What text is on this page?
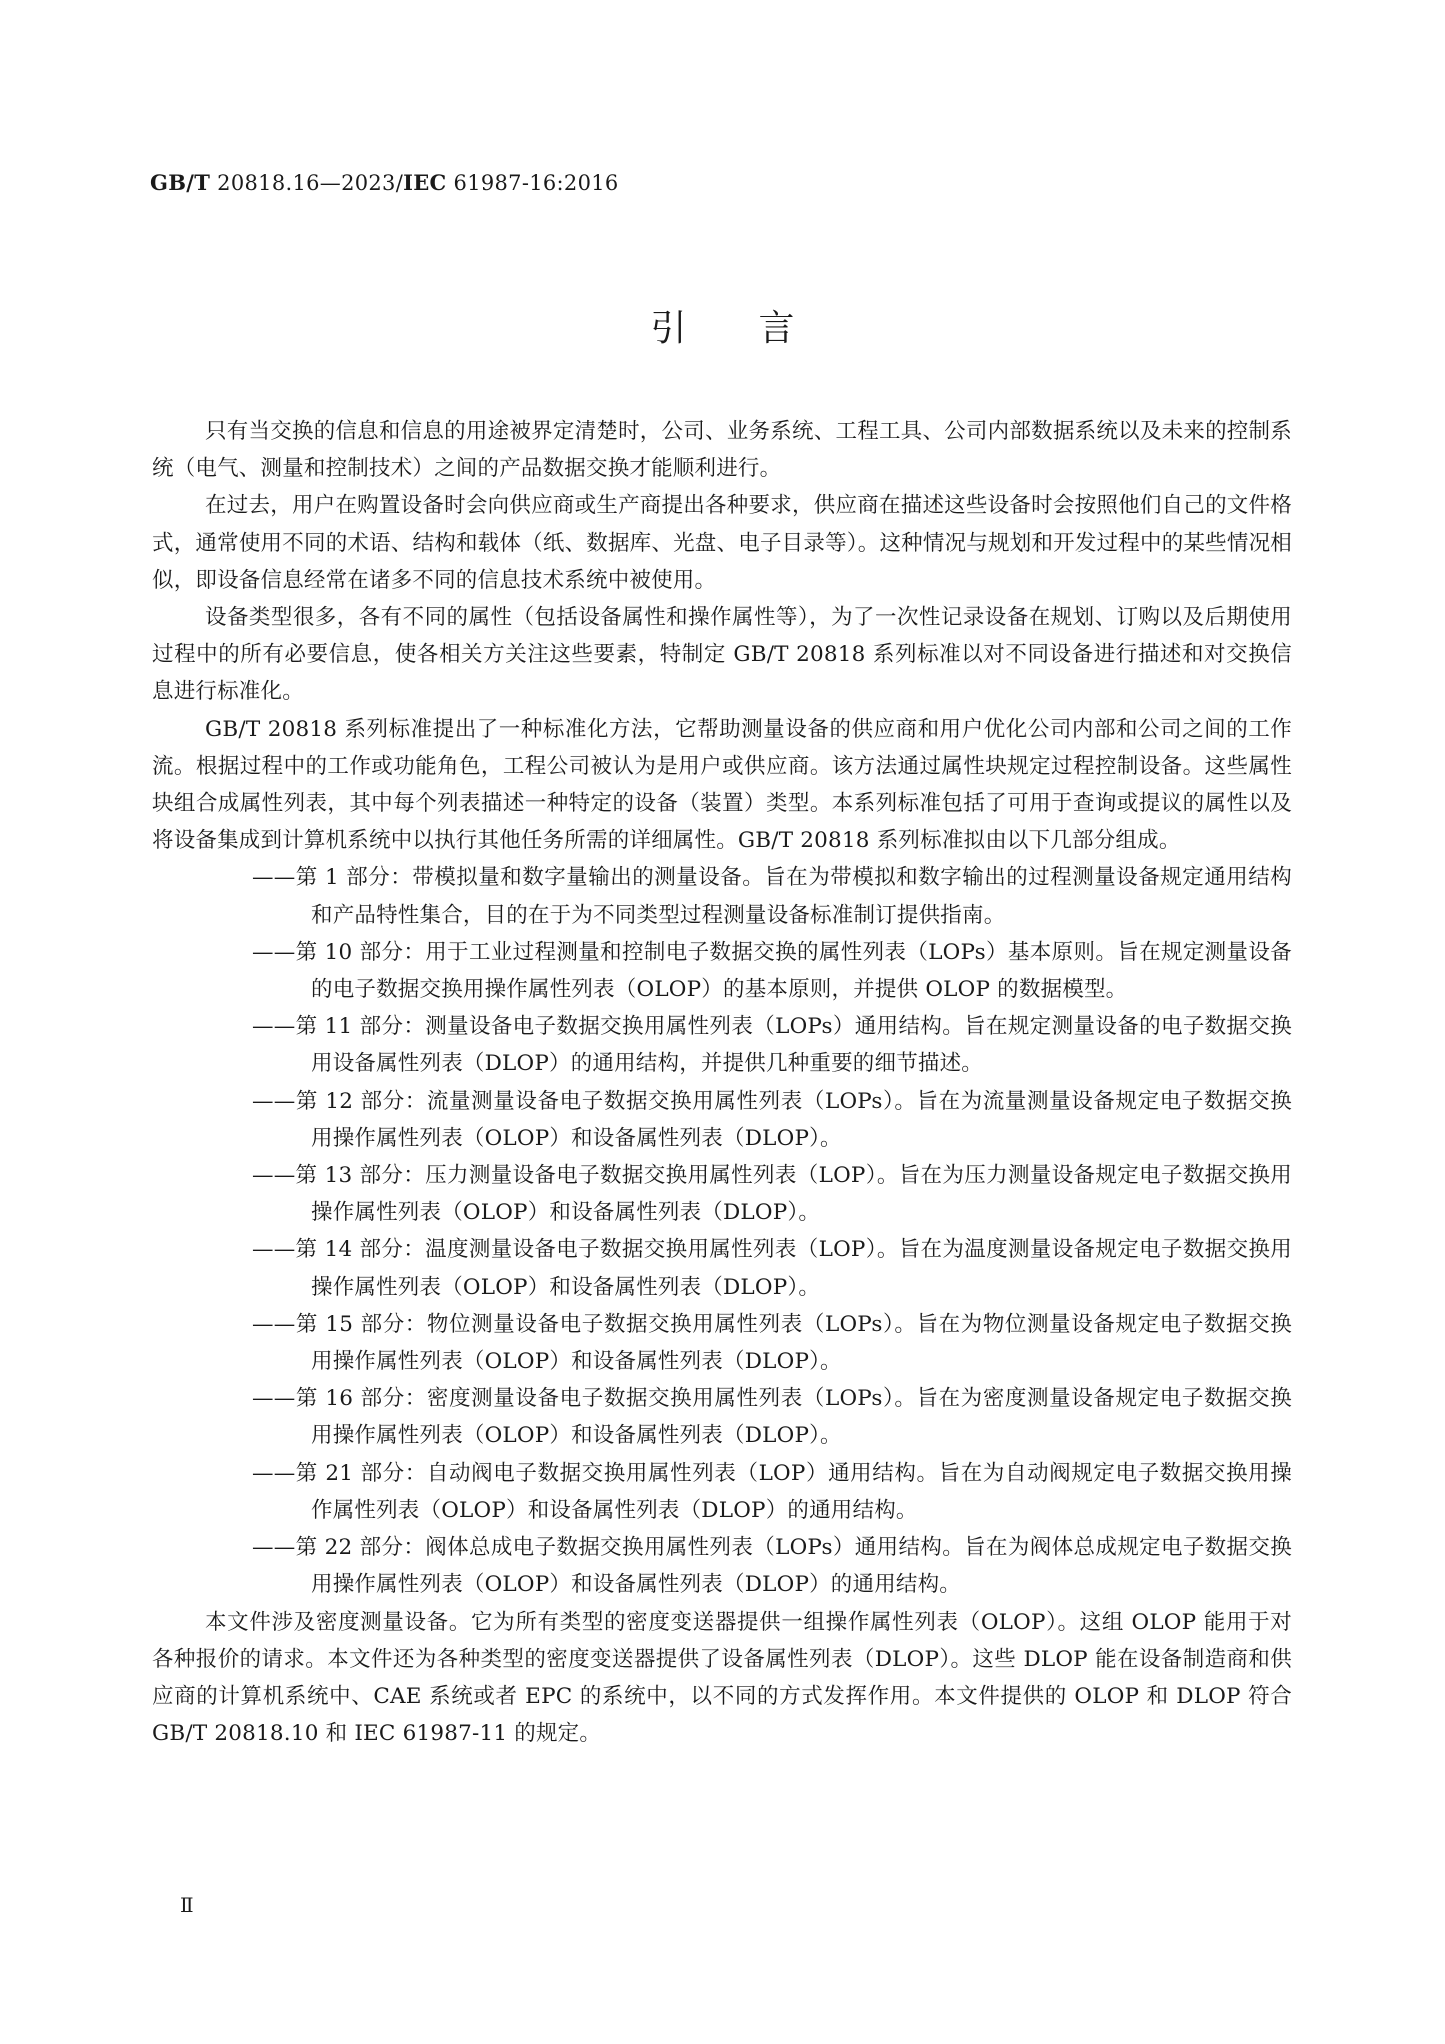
GB/T 20818.16—2023/IEC 61987-16:2016
引言

只有当交换的信息和信息的用途被界定清楚时，公司、业务系统、工程工具、公司内部数据系统以及未来的控制系统（电气、测量和控制技术）之间的产品数据交换才能顺利进行。

在过去，用户在购置设备时会向供应商或生产商提出各种要求，供应商在描述这些设备时会按照他们自己的文件格式，通常使用不同的术语、结构和载体（纸、数据库、光盘、电子目录等）。这种情况与规划和开发过程中的某些情况相似，即设备信息经常在诸多不同的信息技术系统中被使用。

设备类型很多，各有不同的属性（包括设备属性和操作属性等），为了一次性记录设备在规划、订购以及后期使用过程中的所有必要信息，使各相关方关注这些要素，特制定 GB/T 20818 系列标准以对不同设备进行描述和对交换信息进行标准化。

GB/T 20818 系列标准提出了一种标准化方法，它帮助测量设备的供应商和用户优化公司内部和公司之间的工作流。根据过程中的工作或功能角色，工程公司被认为是用户或供应商。该方法通过属性块规定过程控制设备。这些属性块组合成属性列表，其中每个列表描述一种特定的设备（装置）类型。本系列标准包括了可用于查询或提议的属性以及将设备集成到计算机系统中以执行其他任务所需的详细属性。GB/T 20818 系列标准拟由以下几部分组成。

——第 1 部分：带模拟量和数字量输出的测量设备。旨在为带模拟和数字输出的过程测量设备规定通用结构和产品特性集合，目的在于为不同类型过程测量设备标准制订提供指南。

——第 10 部分：用于工业过程测量和控制电子数据交换的属性列表（LOPs）基本原则。旨在规定测量设备的电子数据交换用操作属性列表（OLOP）的基本原则，并提供 OLOP 的数据模型。

——第 11 部分：测量设备电子数据交换用属性列表（LOPs）通用结构。旨在规定测量设备的电子数据交换用设备属性列表（DLOP）的通用结构，并提供几种重要的细节描述。

——第 12 部分：流量测量设备电子数据交换用属性列表（LOPs）。旨在为流量测量设备规定电子数据交换用操作属性列表（OLOP）和设备属性列表（DLOP）。

——第 13 部分：压力测量设备电子数据交换用属性列表（LOP）。旨在为压力测量设备规定电子数据交换用操作属性列表（OLOP）和设备属性列表（DLOP）。

——第 14 部分：温度测量设备电子数据交换用属性列表（LOP）。旨在为温度测量设备规定电子数据交换用操作属性列表（OLOP）和设备属性列表（DLOP）。

——第 15 部分：物位测量设备电子数据交换用属性列表（LOPs）。旨在为物位测量设备规定电子数据交换用操作属性列表（OLOP）和设备属性列表（DLOP）。

——第 16 部分：密度测量设备电子数据交换用属性列表（LOPs）。旨在为密度测量设备规定电子数据交换用操作属性列表（OLOP）和设备属性列表（DLOP）。

——第 21 部分：自动阀电子数据交换用属性列表（LOP）通用结构。旨在为自动阀规定电子数据交换用操作属性列表（OLOP）和设备属性列表（DLOP）的通用结构。

——第 22 部分：阀体总成电子数据交换用属性列表（LOPs）通用结构。旨在为阀体总成规定电子数据交换用操作属性列表（OLOP）和设备属性列表（DLOP）的通用结构。

本文件涉及密度测量设备。它为所有类型的密度变送器提供一组操作属性列表（OLOP）。这组 OLOP 能用于对各种报价的请求。本文件还为各种类型的密度变送器提供了设备属性列表（DLOP）。这些 DLOP 能在设备制造商和供应商的计算机系统中、CAE 系统或者 EPC 的系统中，以不同的方式发挥作用。本文件提供的 OLOP 和 DLOP 符合 GB/T 20818.10 和 IEC 61987-11 的规定。

Ⅱ
